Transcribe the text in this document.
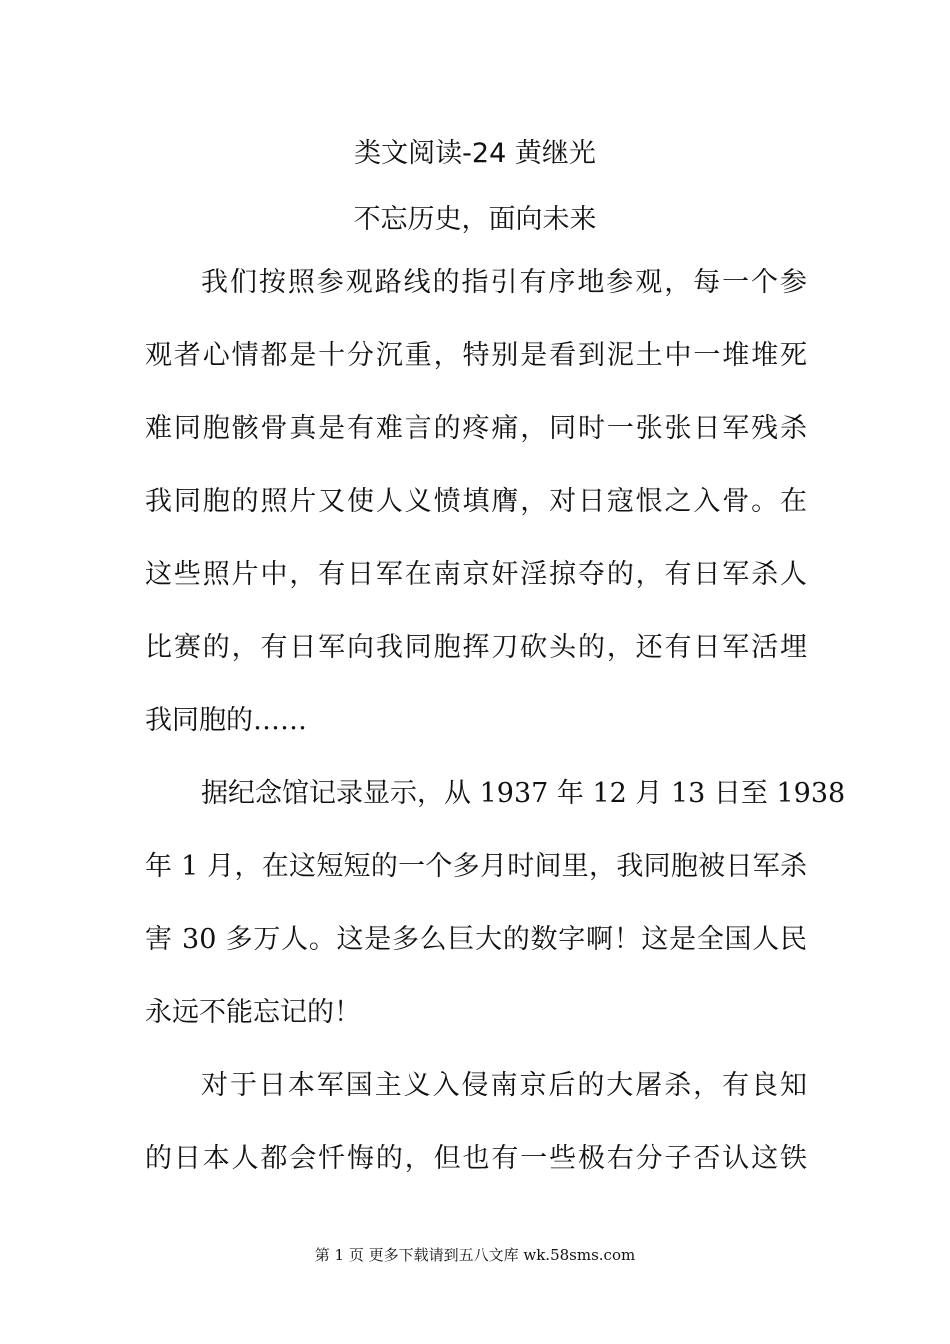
类文阅读-24 黄继光
不忘历史，面向未来
我们按照参观路线的指引有序地参观，每一个参
观者心情都是十分沉重，特别是看到泥土中一堆堆死
难同胞骸骨真是有难言的疼痛，同时一张张日军残杀
我同胞的照片又使人义愤填膺，对日寇恨之入骨。在
这些照片中，有日军在南京奸淫掠夺的，有日军杀人
比赛的，有日军向我同胞挥刀砍头的，还有日军活埋
我同胞的……
据纪念馆记录显示，从 1937 年 12 月 13 日至 1938
年 1 月，在这短短的一个多月时间里，我同胞被日军杀
害 30 多万人。这是多么巨大的数字啊！这是全国人民
永远不能忘记的！
对于日本军国主义入侵南京后的大屠杀，有良知
的日本人都会忏悔的，但也有一些极右分子否认这铁
第 1 页 更多下载请到五八文库 wk.58sms.com
